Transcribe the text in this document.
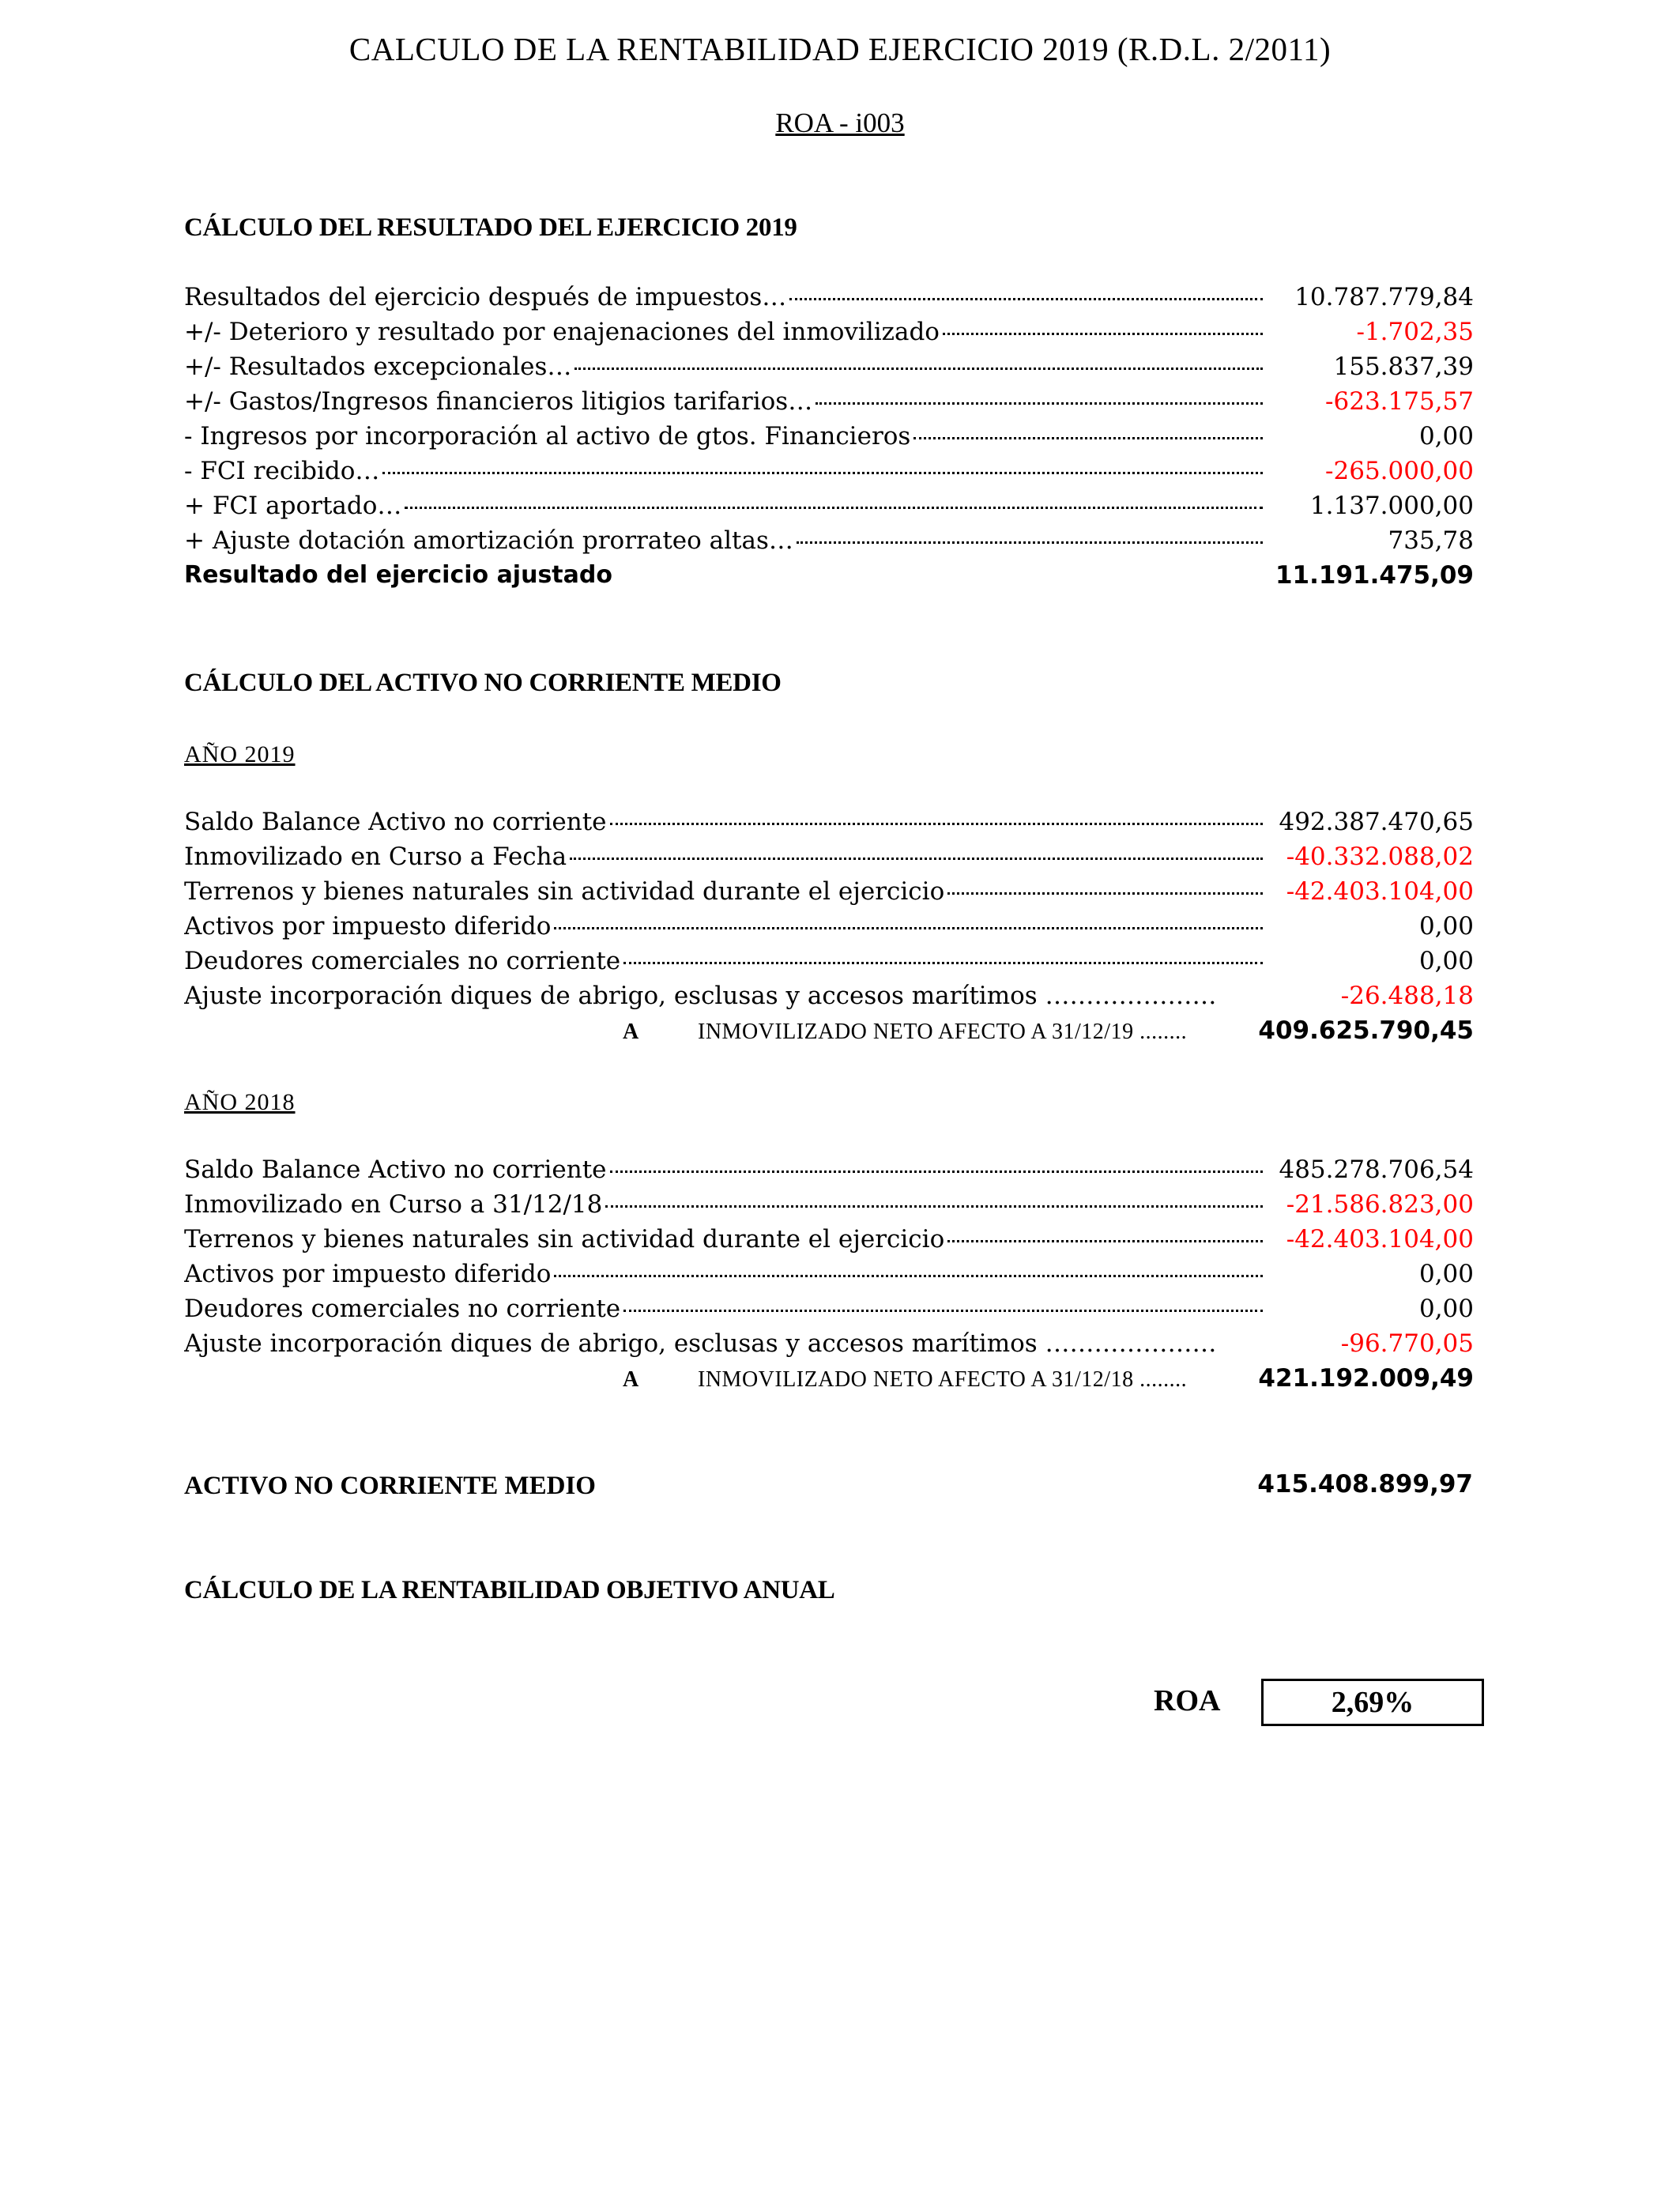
CALCULO DE LA RENTABILIDAD EJERCICIO 2019 (R.D.L. 2/2011)
ROA - i003
CÁLCULO DEL RESULTADO DEL EJERCICIO 2019
Resultados del ejercicio después de impuestos…	10.787.779,84
+/- Deterioro y resultado por enajenaciones del inmovilizado	-1.702,35
+/- Resultados excepcionales…	155.837,39
+/- Gastos/Ingresos financieros litigios tarifarios…	-623.175,57
- Ingresos por incorporación al activo de gtos. Financieros	0,00
- FCI recibido…	-265.000,00
+ FCI aportado…	1.137.000,00
+ Ajuste dotación amortización prorrateo altas…	735,78
Resultado del ejercicio ajustado	11.191.475,09
CÁLCULO DEL ACTIVO NO CORRIENTE MEDIO
AÑO 2019
Saldo Balance Activo no corriente	492.387.470,65
Inmovilizado en Curso a Fecha	-40.332.088,02
Terrenos y bienes naturales sin actividad durante el ejercicio	-42.403.104,00
Activos por impuesto diferido	0,00
Deudores comerciales no corriente	0,00
Ajuste incorporación diques de abrigo, esclusas y accesos marítimos …………………	-26.488,18
A	INMOVILIZADO NETO AFECTO A 31/12/19 ........	409.625.790,45
AÑO 2018
Saldo Balance Activo no corriente	485.278.706,54
Inmovilizado en Curso a 31/12/18	-21.586.823,00
Terrenos y bienes naturales sin actividad durante el ejercicio	-42.403.104,00
Activos por impuesto diferido	0,00
Deudores comerciales no corriente	0,00
Ajuste incorporación diques de abrigo, esclusas y accesos marítimos …………………	-96.770,05
A	INMOVILIZADO NETO AFECTO A 31/12/18 ........	421.192.009,49
ACTIVO NO CORRIENTE MEDIO	415.408.899,97
CÁLCULO DE LA RENTABILIDAD OBJETIVO ANUAL
ROA	2,69%
